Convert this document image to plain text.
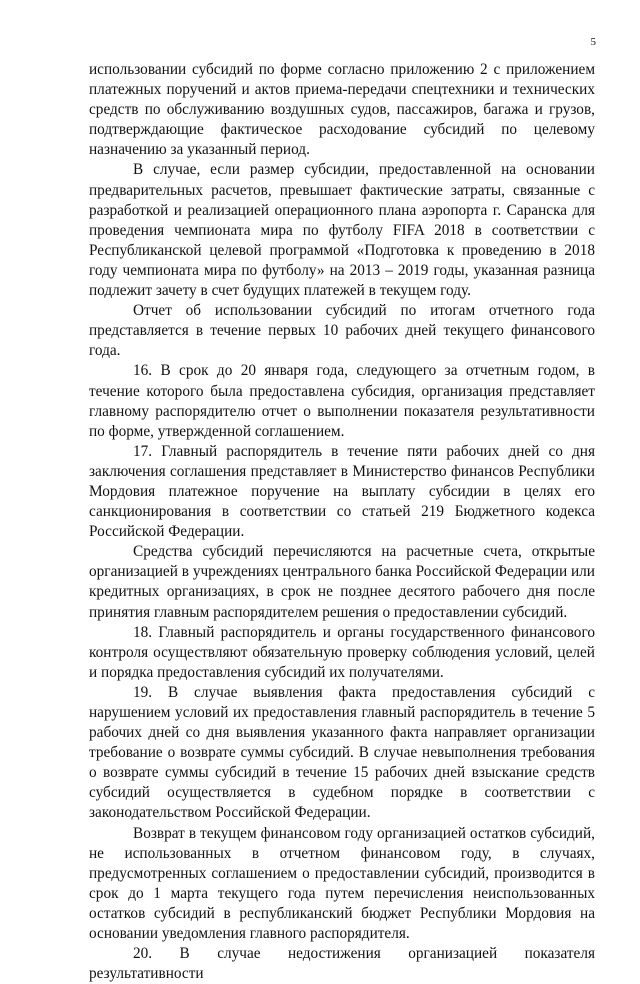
5

использовании субсидий по форме согласно приложению 2 с приложением платежных поручений и актов приема-передачи спецтехники и технических средств по обслуживанию воздушных судов, пассажиров, багажа и грузов, подтверждающие фактическое расходование субсидий по целевому назначению за указанный период.

В случае, если размер субсидии, предоставленной на основании предварительных расчетов, превышает фактические затраты, связанные с разработкой и реализацией операционного плана аэропорта г. Саранска для проведения чемпионата мира по футболу FIFA 2018 в соответствии с Республиканской целевой программой «Подготовка к проведению в 2018 году чемпионата мира по футболу» на 2013 – 2019 годы, указанная разница подлежит зачету в счет будущих платежей в текущем году.

Отчет об использовании субсидий по итогам отчетного года представляется в течение первых 10 рабочих дней текущего финансового года.

16. В срок до 20 января года, следующего за отчетным годом, в течение которого была предоставлена субсидия, организация представляет главному распорядителю отчет о выполнении показателя результативности по форме, утвержденной соглашением.

17. Главный распорядитель в течение пяти рабочих дней со дня заключения соглашения представляет в Министерство финансов Республики Мордовия платежное поручение на выплату субсидии в целях его санкционирования в соответствии со статьей 219 Бюджетного кодекса Российской Федерации.

Средства субсидий перечисляются на расчетные счета, открытые организацией в учреждениях центрального банка Российской Федерации или кредитных организациях, в срок не позднее десятого рабочего дня после принятия главным распорядителем решения о предоставлении субсидий.

18. Главный распорядитель и органы государственного финансового контроля осуществляют обязательную проверку соблюдения условий, целей и порядка предоставления субсидий их получателями.

19. В случае выявления факта предоставления субсидий с нарушением условий их предоставления главный распорядитель в течение 5 рабочих дней со дня выявления указанного факта направляет организации требование о возврате суммы субсидий. В случае невыполнения требования о возврате суммы субсидий в течение 15 рабочих дней взыскание средств субсидий осуществляется в судебном порядке в соответствии с законодательством Российской Федерации.

Возврат в текущем финансовом году организацией остатков субсидий, не использованных в отчетном финансовом году, в случаях, предусмотренных соглашением о предоставлении субсидий, производится в срок до 1 марта текущего года путем перечисления неиспользованных остатков субсидий в республиканский бюджет Республики Мордовия на основании уведомления главного распорядителя.

20. В случае недостижения организацией показателя результативности
